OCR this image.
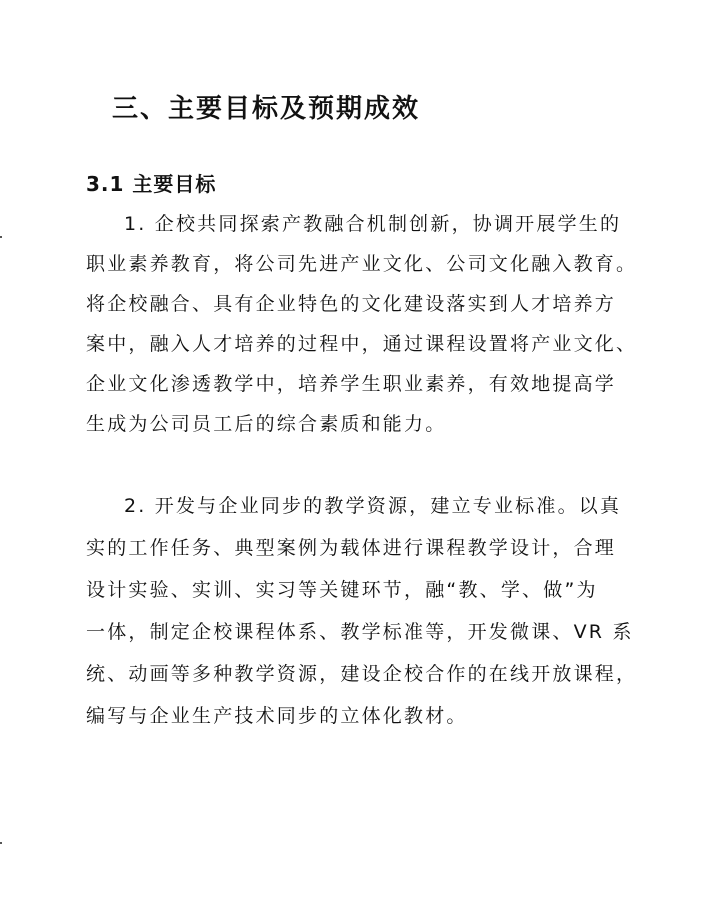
三、主要目标及预期成效
3.1 主要目标
1. 企校共同探索产教融合机制创新，协调开展学生的
职业素养教育，将公司先进产业文化、公司文化融入教育。
将企校融合、具有企业特色的文化建设落实到人才培养方
案中，融入人才培养的过程中，通过课程设置将产业文化、
企业文化渗透教学中，培养学生职业素养，有效地提高学
生成为公司员工后的综合素质和能力。
2. 开发与企业同步的教学资源，建立专业标准。以真
实的工作任务、典型案例为载体进行课程教学设计，合理
设计实验、实训、实习等关键环节，融“教、学、做”为
一体，制定企校课程体系、教学标准等，开发微课、VR 系
统、动画等多种教学资源，建设企校合作的在线开放课程，
编写与企业生产技术同步的立体化教材。
